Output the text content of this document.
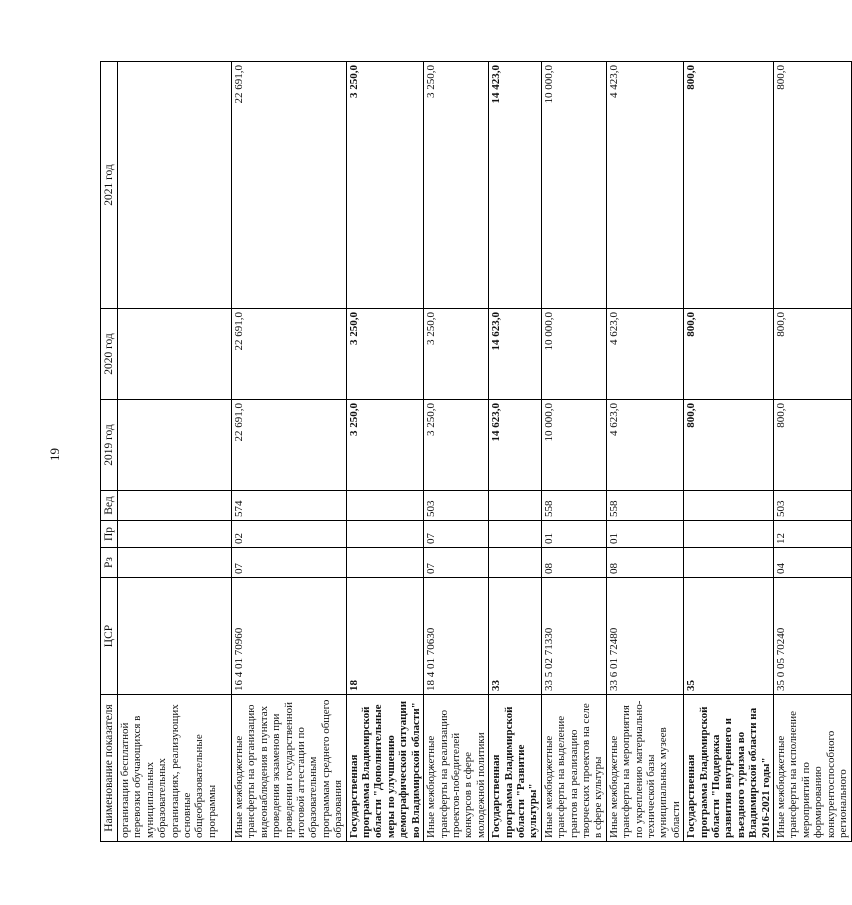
19
Наименование показателя	ЦСР	Рз	Пр	Вед	2019 год	2020 год	2021 год
организации бесплатной перевозки обучающихся в муниципальных образовательных организациях, реализующих основные общеобразовательные программы							
Иные межбюджетные трансферты на организацию видеонаблюдения в пунктах проведения экзаменов при проведении государственной итоговой аттестации по образовательным программам среднего общего образования	16 4 01 70960	07	02	574	22 691,0	22 691,0	22 691,0
Государственная программа Владимирской области "Дополнительные меры по улучшению демографической ситуации во Владимирской области"	18				3 250,0	3 250,0	3 250,0
Иные межбюджетные трансферты на реализацию проектов-победителей конкурсов в сфере молодежной политики	18 4 01 70630	07	07	503	3 250,0	3 250,0	3 250,0
Государственная программа Владимирской области "Развитие культуры"	33				14 623,0	14 623,0	14 423,0
Иные межбюджетные трансферты на выделение грантов на реализацию творческих проектов на селе в сфере культуры	33 5 02 71330	08	01	558	10 000,0	10 000,0	10 000,0
Иные межбюджетные трансферты на мероприятия по укреплению материально-технической базы муниципальных музеев области	33 6 01 72480	08	01	558	4 623,0	4 623,0	4 423,0
Государственная программа Владимирской области "Поддержка развития внутреннего и въездного туризма во Владимирской области на 2016-2021 годы"	35				800,0	800,0	800,0
Иные межбюджетные трансферты на исполнение мероприятий по формированию конкурентоспособного регионального	35 0 05 70240	04	12	503	800,0	800,0	800,0
